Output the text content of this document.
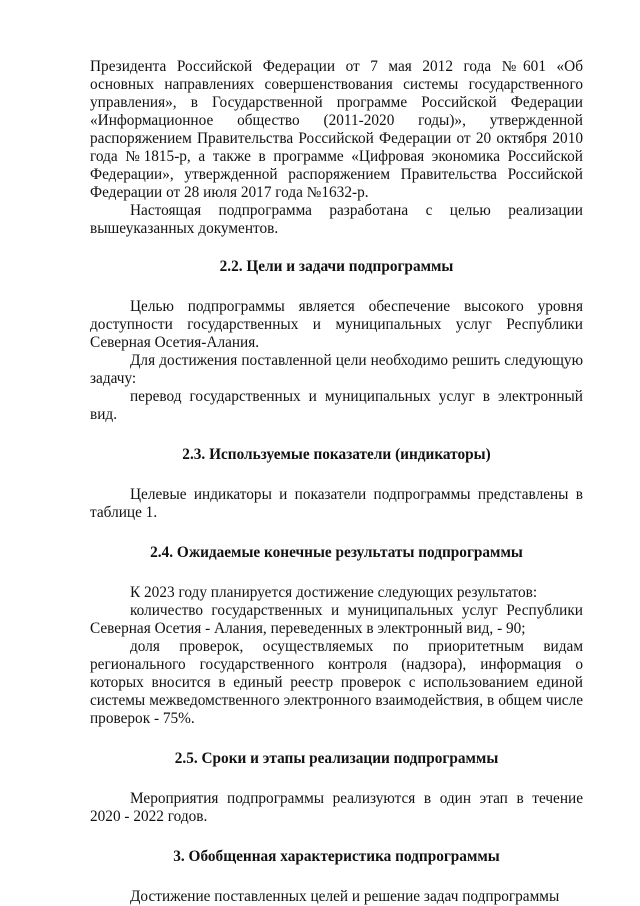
Президента Российской Федерации от 7 мая 2012 года №601 «Об основных направлениях совершенствования системы государственного управления», в Государственной программе Российской Федерации «Информационное общество (2011-2020 годы)», утвержденной распоряжением Правительства Российской Федерации от 20 октября 2010 года №1815-р, а также в программе «Цифровая экономика Российской Федерации», утвержденной распоряжением Правительства Российской Федерации от 28 июля 2017 года №1632-р.

Настоящая подпрограмма разработана с целью реализации вышеуказанных документов.

2.2. Цели и задачи подпрограммы

Целью подпрограммы является обеспечение высокого уровня доступности государственных и муниципальных услуг Республики Северная Осетия-Алания.

Для достижения поставленной цели необходимо решить следующую задачу:

перевод государственных и муниципальных услуг в электронный вид.

2.3. Используемые показатели (индикаторы)

Целевые индикаторы и показатели подпрограммы представлены в таблице 1.

2.4. Ожидаемые конечные результаты подпрограммы

К 2023 году планируется достижение следующих результатов:

количество государственных и муниципальных услуг Республики Северная Осетия - Алания, переведенных в электронный вид, - 90;

доля проверок, осуществляемых по приоритетным видам регионального государственного контроля (надзора), информация о которых вносится в единый реестр проверок с использованием единой системы межведомственного электронного взаимодействия, в общем числе проверок - 75%.

2.5. Сроки и этапы реализации подпрограммы

Мероприятия подпрограммы реализуются в один этап в течение 2020 - 2022 годов.

3. Обобщенная характеристика подпрограммы

Достижение поставленных целей и решение задач подпрограммы
